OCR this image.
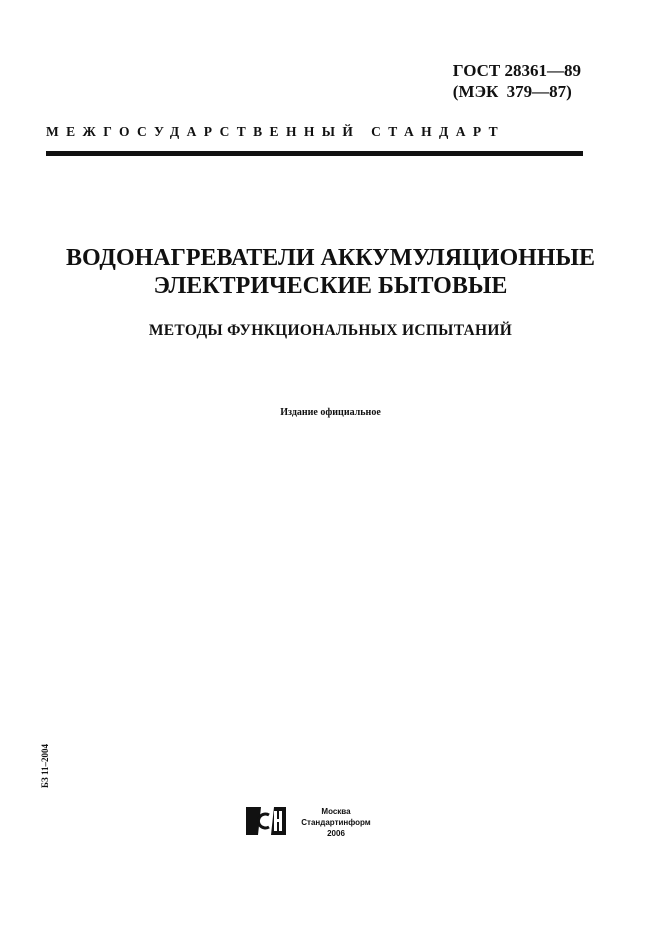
ГОСТ 28361—89
(МЭК 379—87)
МЕЖГОСУДАРСТВЕННЫЙ СТАНДАРТ
ВОДОНАГРЕВАТЕЛИ АККУМУЛЯЦИОННЫЕ
ЭЛЕКТРИЧЕСКИЕ БЫТОВЫЕ
МЕТОДЫ ФУНКЦИОНАЛЬНЫХ ИСПЫТАНИЙ
Издание официальное
БЗ 11–2004
Москва
Стандартинформ
2006
